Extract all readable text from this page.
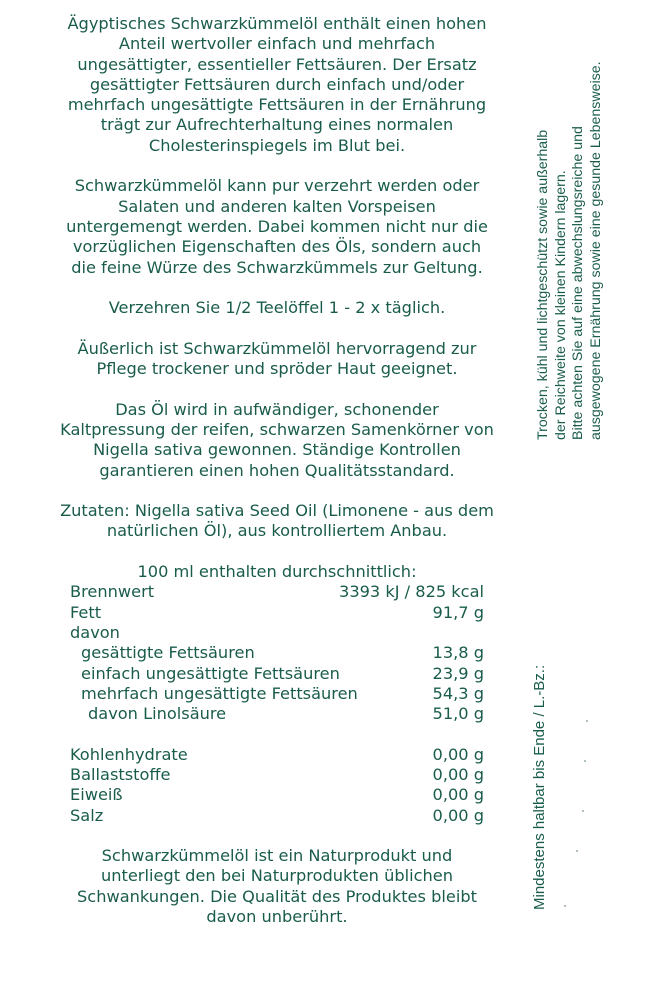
Ägyptisches Schwarzkümmelöl enthält einen hohen Anteil wertvoller einfach und mehrfach ungesättigter, essentieller Fettsäuren. Der Ersatz gesättigter Fettsäuren durch einfach und/oder mehrfach ungesättigte Fettsäuren in der Ernährung trägt zur Aufrechterhaltung eines normalen Cholesterinspiegels im Blut bei.

Schwarzkümmelöl kann pur verzehrt werden oder Salaten und anderen kalten Vorspeisen untergemengt werden. Dabei kommen nicht nur die vorzüglichen Eigenschaften des Öls, sondern auch die feine Würze des Schwarzkümmels zur Geltung.

Verzehren Sie 1/2 Teelöffel 1 - 2 x täglich.

Äußerlich ist Schwarzkümmelöl hervorragend zur Pflege trockener und spröder Haut geeignet.

Das Öl wird in aufwändiger, schonender Kaltpressung der reifen, schwarzen Samenkörner von Nigella sativa gewonnen. Ständige Kontrollen garantieren einen hohen Qualitätsstandard.

Zutaten: Nigella sativa Seed Oil (Limonene - aus dem natürlichen Öl), aus kontrolliertem Anbau.

100 ml enthalten durchschnittlich:
Brennwert	3393 kJ / 825 kcal
Fett	91,7 g
davon
gesättigte Fettsäuren	13,8 g
einfach ungesättigte Fettsäuren	23,9 g
mehrfach ungesättigte Fettsäuren	54,3 g
davon Linolsäure	51,0 g
Kohlenhydrate	0,00 g
Ballaststoffe	0,00 g
Eiweiß	0,00 g
Salz	0,00 g

Schwarzkümmelöl ist ein Naturprodukt und unterliegt den bei Naturprodukten üblichen Schwankungen. Die Qualität des Produktes bleibt davon unberührt.

Trocken, kühl und lichtgeschützt sowie außerhalb der Reichweite von kleinen Kindern lagern. Bitte achten Sie auf eine abwechslungsreiche und ausgewogene Ernährung sowie eine gesunde Lebensweise.
Mindestens haltbar bis Ende / L.-Bz.:
